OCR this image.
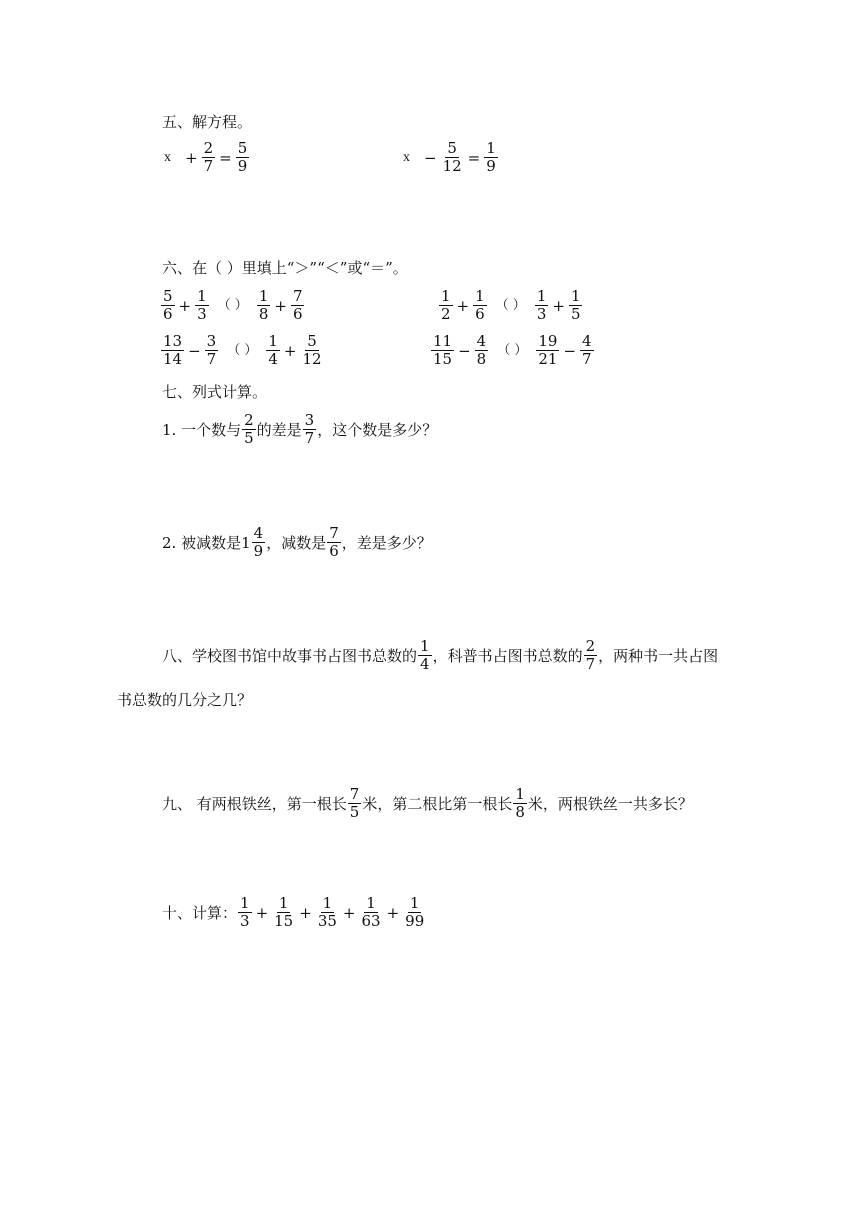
五、解方程。
$x + \frac{2}{7} = \frac{5}{9}$	$x - \frac{5}{12} = \frac{1}{9}$
六、在（ ）里填上“＞”“＜”或“＝”。
$\frac{5}{6} + \frac{1}{3}$ （ ） $\frac{1}{8} + \frac{7}{6}$	$\frac{1}{2} + \frac{1}{6}$ （ ） $\frac{1}{3} + \frac{1}{5}$
$\frac{13}{14} - \frac{3}{7}$ （ ） $\frac{1}{4} + \frac{5}{12}$	$\frac{11}{15} - \frac{4}{8}$ （ ） $\frac{19}{21} - \frac{4}{7}$
七、列式计算。
1. 一个数与 $\frac{2}{5}$ 的差是 $\frac{3}{7}$ ，这个数是多少？
2. 被减数是 $1 \frac{4}{9}$ ，减数是 $\frac{7}{6}$ ，差是多少？
八、学校图书馆中故事书占图书总数的 $\frac{1}{4}$ ，科普书占图书总数的 $\frac{2}{7}$ ，两种书一共占图
书总数的几分之几？
九、 有两根铁丝，第一根长 $\frac{7}{5}$ 米，第二根比第一根长 $\frac{1}{8}$ 米，两根铁丝一共多长？
十、计算： $\frac{1}{3} + \frac{1}{15} + \frac{1}{35} + \frac{1}{63} + \frac{1}{99}$
